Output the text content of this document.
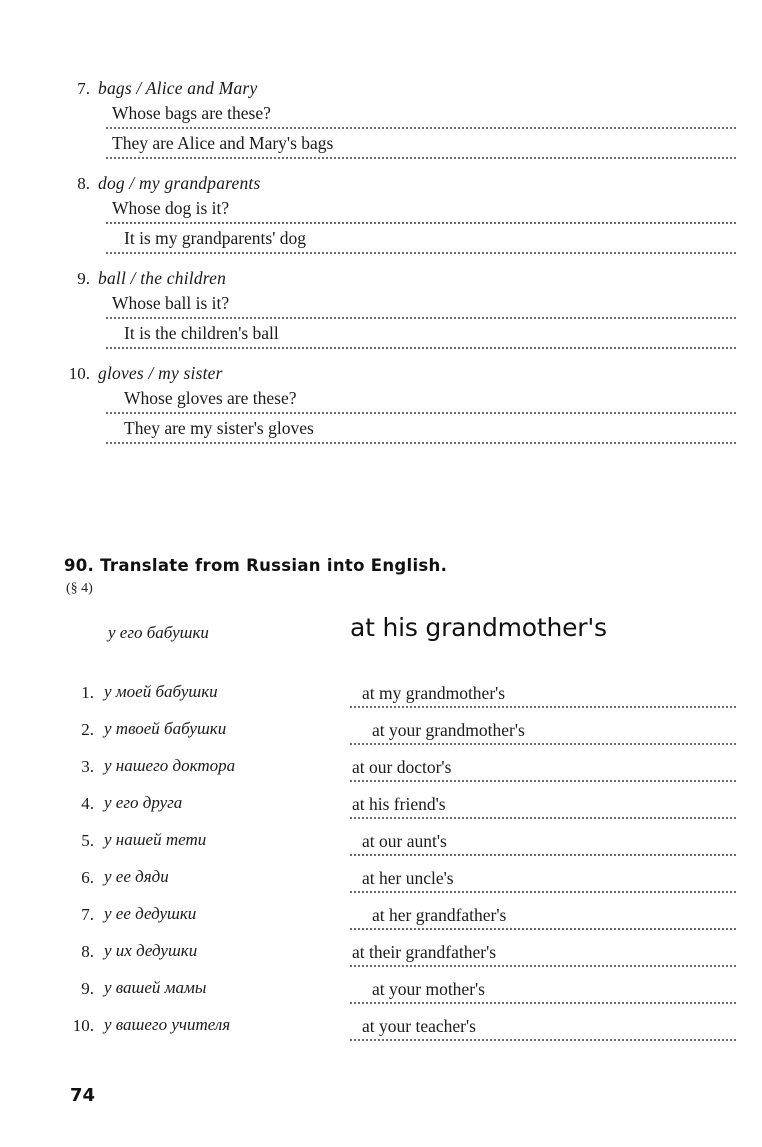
7. bags / Alice and Mary
Whose bags are these?
They are Alice and Mary's bags
8. dog / my grandparents
Whose dog is it?
It is my grandparents' dog
9. ball / the children
Whose ball is it?
It is the children's ball
10. gloves / my sister
Whose gloves are these?
They are my sister's gloves
90. Translate from Russian into English.
(§ 4)
у его бабушки	at his grandmother's
1. у моей бабушки	at my grandmother's
2. у твоей бабушки	at your grandmother's
3. у нашего доктора	at our doctor's
4. у его друга	at his friend's
5. у нашей тети	at our aunt's
6. у ее дяди	at her uncle's
7. у ее дедушки	at her grandfather's
8. у их дедушки	at their grandfather's
9. у вашей мамы	at your mother's
10. у вашего учителя	at your teacher's
74
